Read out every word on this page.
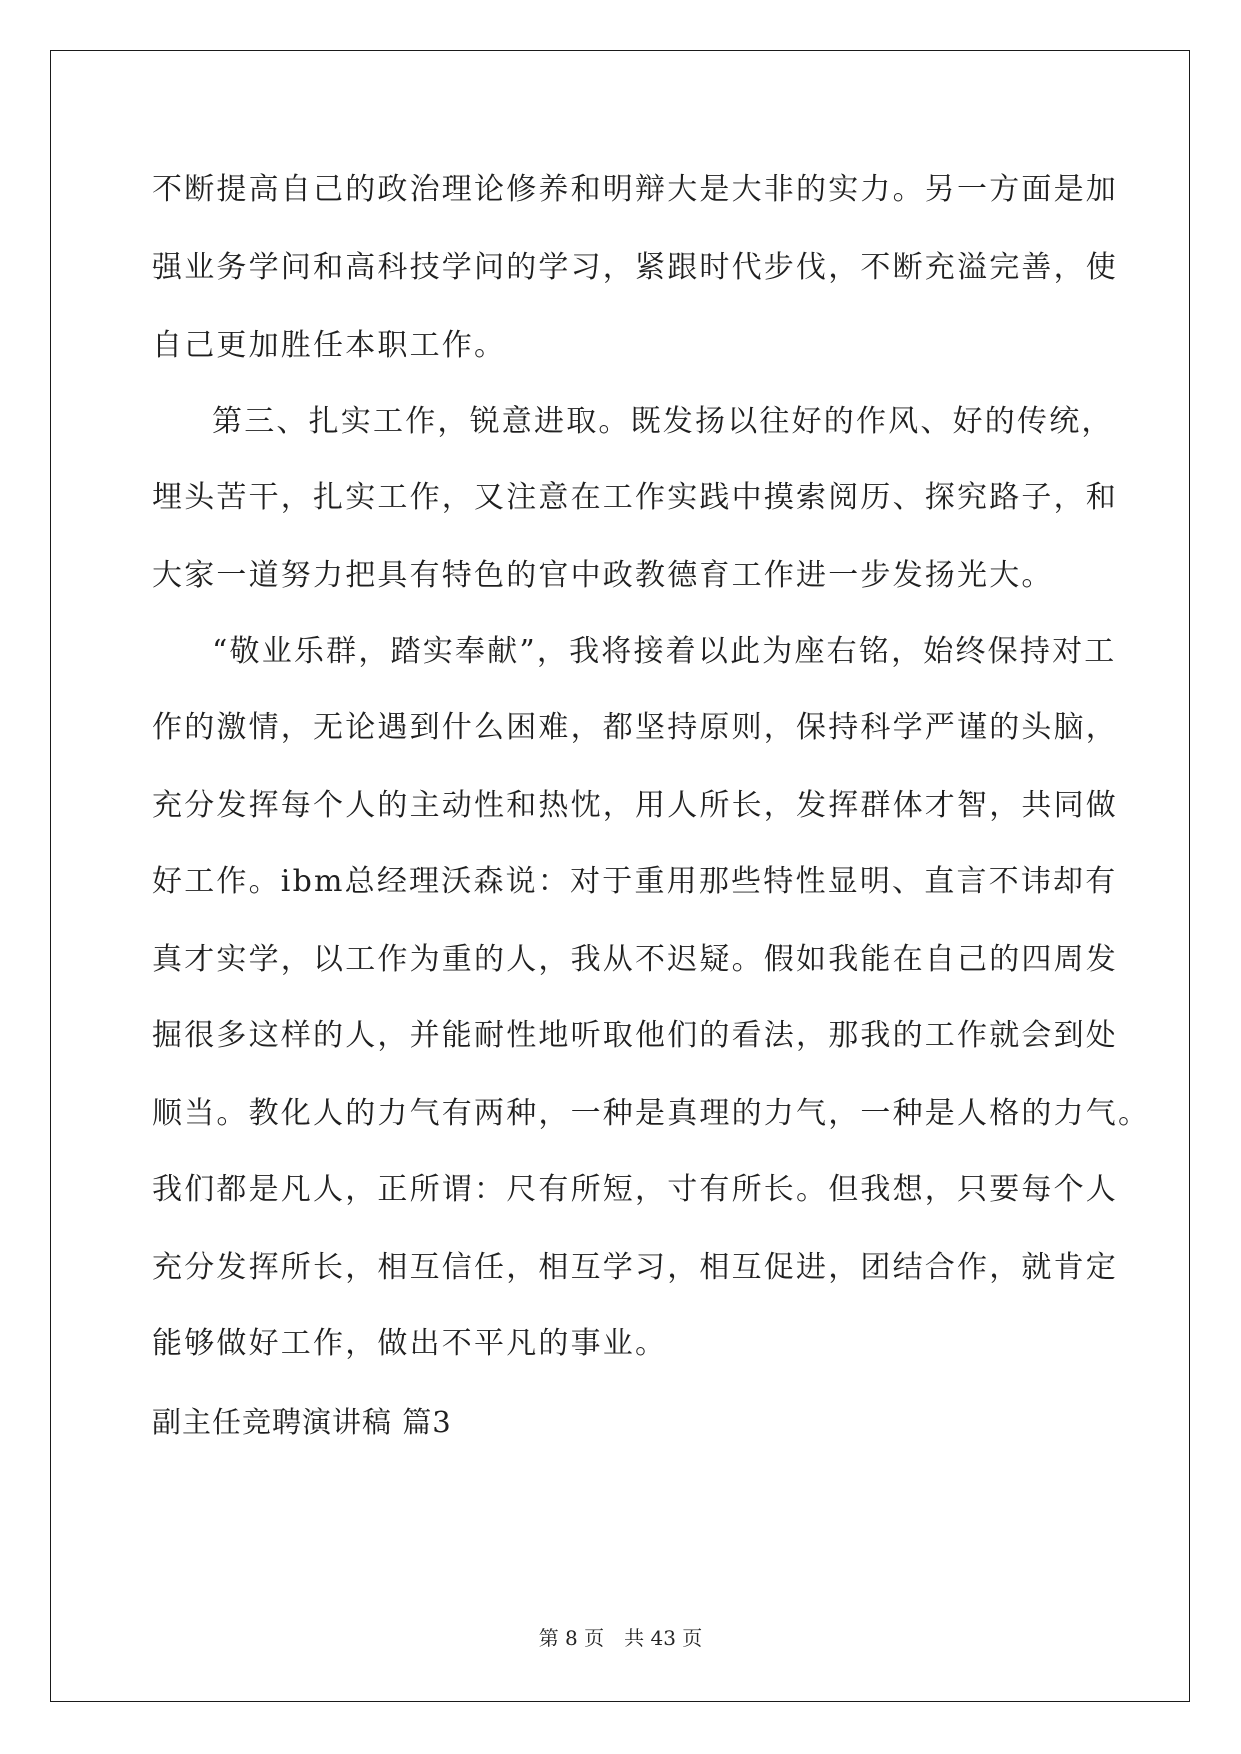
不断提高自己的政治理论修养和明辩大是大非的实力。另一方面是加
强业务学问和高科技学问的学习，紧跟时代步伐，不断充溢完善，使
自己更加胜任本职工作。
第三、扎实工作，锐意进取。既发扬以往好的作风、好的传统，
埋头苦干，扎实工作，又注意在工作实践中摸索阅历、探究路子，和
大家一道努力把具有特色的官中政教德育工作进一步发扬光大。
“敬业乐群，踏实奉献”，我将接着以此为座右铭，始终保持对工
作的激情，无论遇到什么困难，都坚持原则，保持科学严谨的头脑，
充分发挥每个人的主动性和热忱，用人所长，发挥群体才智，共同做
好工作。ibm总经理沃森说：对于重用那些特性显明、直言不讳却有
真才实学，以工作为重的人，我从不迟疑。假如我能在自己的四周发
掘很多这样的人，并能耐性地听取他们的看法，那我的工作就会到处
顺当。教化人的力气有两种，一种是真理的力气，一种是人格的力气。
我们都是凡人，正所谓：尺有所短，寸有所长。但我想，只要每个人
充分发挥所长，相互信任，相互学习，相互促进，团结合作，就肯定
能够做好工作，做出不平凡的事业。
副主任竞聘演讲稿 篇3
第 8 页　共 43 页
